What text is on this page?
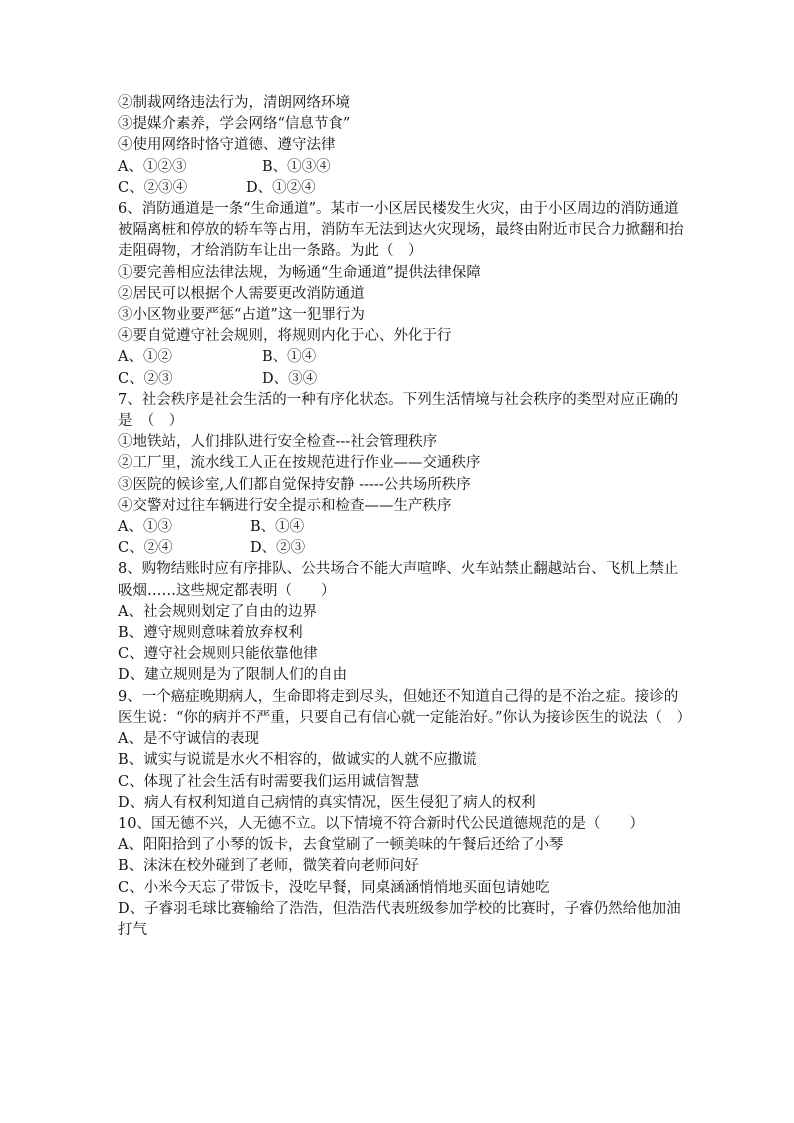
②制裁网络违法行为，清朗网络环境
③提媒介素养，学会网络“信息节食”
④使用网络时恪守道德、遵守法律
A、①②③	B、①③④
C、②③④	D、①②④
6、消防通道是一条“生命通道”。某市一小区居民楼发生火灾，由于小区周边的消防通道被隔离桩和停放的轿车等占用，消防车无法到达火灾现场，最终由附近市民合力掀翻和抬走阻碍物，才给消防车让出一条路。为此（　）
①要完善相应法律法规，为畅通“生命通道”提供法律保障
②居民可以根据个人需要更改消防通道
③小区物业要严惩“占道”这一犯罪行为
④要自觉遵守社会规则，将规则内化于心、外化于行
A、①②	B、①④
C、②③	D、③④
7、社会秩序是社会生活的一种有序化状态。下列生活情境与社会秩序的类型对应正确的是　（　）
①地铁站，人们排队进行安全检查---社会管理秩序
②工厂里，流水线工人正在按规范进行作业——交通秩序
③医院的候诊室,人们都自觉保持安静 -----公共场所秩序
④交警对过往车辆进行安全提示和检查——生产秩序
A、①③	B、①④
C、②④	D、②③
8、购物结账时应有序排队、公共场合不能大声喧哗、火车站禁止翻越站台、飞机上禁止吸烟……这些规定都表明（　　）
A、社会规则划定了自由的边界
B、遵守规则意味着放弃权利
C、遵守社会规则只能依靠他律
D、建立规则是为了限制人们的自由
9、一个癌症晚期病人，生命即将走到尽头，但她还不知道自己得的是不治之症。接诊的医生说：“你的病并不严重，只要自己有信心就一定能治好。”你认为接诊医生的说法（　）
A、是不守诚信的表现
B、诚实与说谎是水火不相容的，做诚实的人就不应撒谎
C、体现了社会生活有时需要我们运用诚信智慧
D、病人有权利知道自己病情的真实情况，医生侵犯了病人的权利
10、国无德不兴，人无德不立。以下情境不符合新时代公民道德规范的是（　　）
A、阳阳拾到了小琴的饭卡，去食堂刷了一顿美味的午餐后还给了小琴
B、沫沫在校外碰到了老师，微笑着向老师问好
C、小米今天忘了带饭卡，没吃早餐，同桌涵涵悄悄地买面包请她吃
D、子睿羽毛球比赛输给了浩浩，但浩浩代表班级参加学校的比赛时，子睿仍然给他加油打气
